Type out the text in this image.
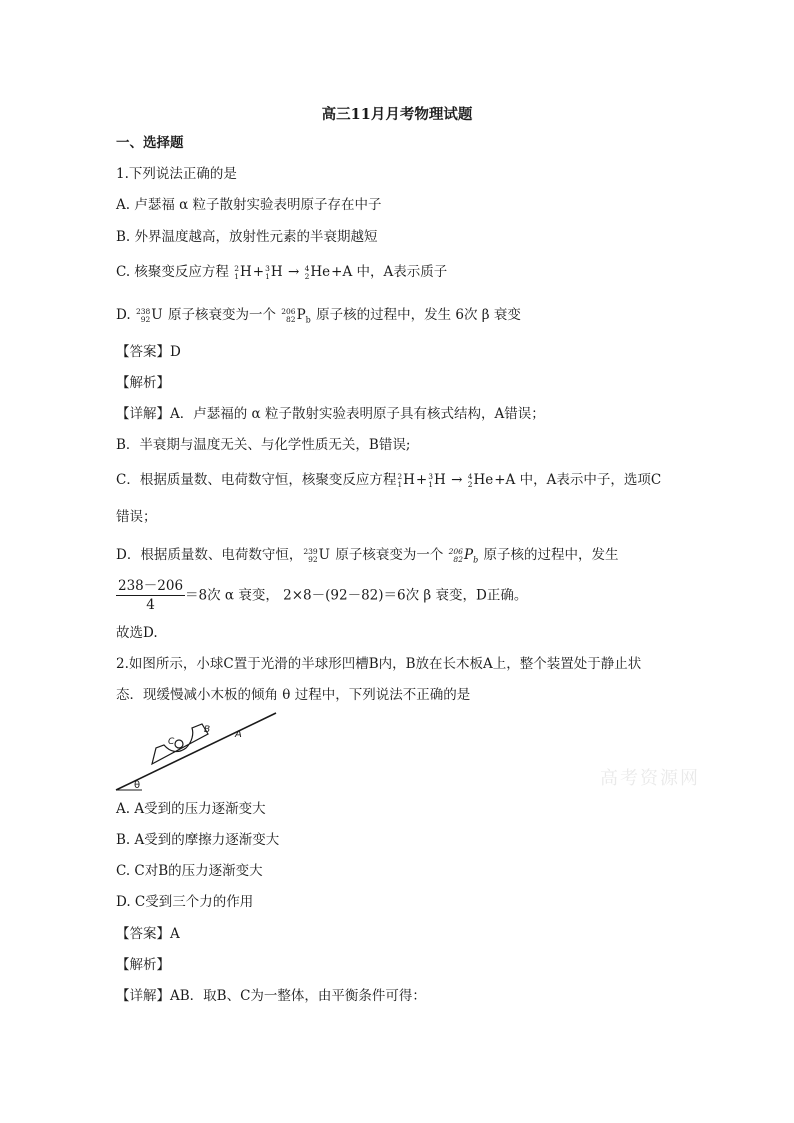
高三11月月考物理试题
一、选择题
1.下列说法正确的是
A. 卢瑟福 α 粒子散射实验表明原子存在中子
B. 外界温度越高，放射性元素的半衰期越短
C. 核聚变反应方程 2
1 H+ 3
1 H → 4
2 He+A 中，A表示质子
D. 238
92 U 原子核衰变为一个 206
82 $P_b$ 原子核的过程中，发生 6次 β 衰变
【答案】D
【解析】
【详解】A．卢瑟福的 α 粒子散射实验表明原子具有核式结构，A错误；
B．半衰期与温度无关、与化学性质无关，B错误;
C．根据质量数、电荷数守恒，核聚变反应方程 2
1 H+ 3
1 H → 4
2 He+A 中，A表示中子，选项C
错误；
D．根据质量数、电荷数守恒， 239
92 U 原子核衰变为一个 206
82 $P_b$ 原子核的过程中，发生
$\frac{238-206}{4} =8$次 α 衰变， 2×8－(92－82)＝6次 β 衰变，D正确。
故选D.
2.如图所示，小球C置于光滑的半球形凹槽B内，B放在长木板A上，整个装置处于静止状
态．现缓慢减小木板的倾角 θ 过程中，下列说法不正确的是
C
B A
θ	高考资源网
A. A受到的压力逐渐变大
B. A受到的摩擦力逐渐变大
C. C对B的压力逐渐变大
D. C受到三个力的作用
【答案】A
【解析】
【详解】AB．取B、C为一整体，由平衡条件可得：
